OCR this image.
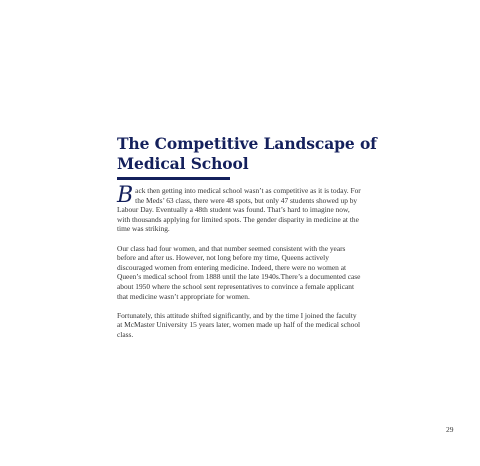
The Competitive Landscape of Medical School

Back then getting into medical school wasn’t as competitive as it is today. For the Meds’ 63 class, there were 48 spots, but only 47 students showed up by Labour Day. Eventually a 48th student was found. That’s hard to imagine now, with thousands applying for limited spots. The gender disparity in medicine at the time was striking.

Our class had four women, and that number seemed consistent with the years before and after us. However, not long before my time, Queens actively discouraged women from entering medicine. Indeed, there were no women at Queen’s medical school from 1888 until the late 1940s.There’s a documented case about 1950 where the school sent representatives to convince a female applicant that medicine wasn’t appropriate for women.

Fortunately, this attitude shifted significantly, and by the time I joined the faculty at McMaster University 15 years later, women made up half of the medical school class.

29
